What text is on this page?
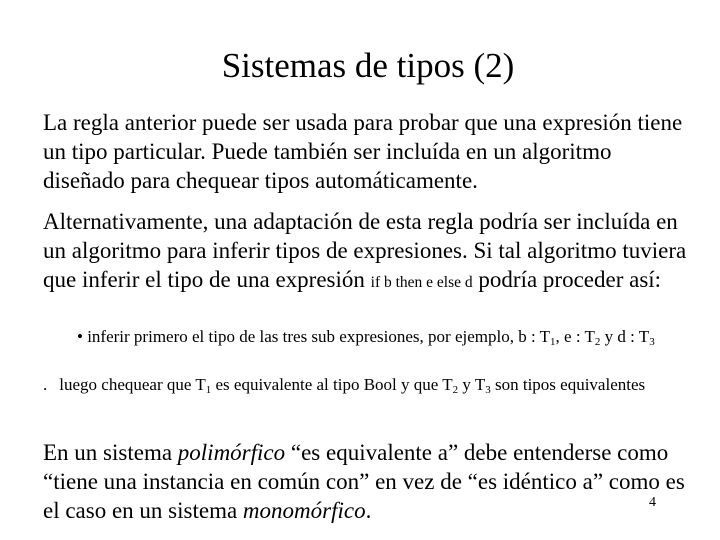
Sistemas de tipos (2)
La regla anterior puede ser usada para probar que una expresión tiene un tipo particular. Puede también ser incluída en un algoritmo diseñado para chequear tipos automáticamente.
Alternativamente, una adaptación de esta regla podría ser incluída en un algoritmo para inferir tipos de expresiones. Si tal algoritmo tuviera que inferir el tipo de una expresión if b then e else d podría proceder así:
• inferir primero el tipo de las tres sub expresiones, por ejemplo, b : $T_1$, e : $T_2$ y d : $T_3$
. luego chequear que $T_1$ es equivalente al tipo Bool y que $T_2$ y $T_3$ son tipos equivalentes
En un sistema polimórfico “es equivalente a” debe entenderse como “tiene una instancia en común con” en vez de “es idéntico a” como es el caso en un sistema monomórfico.	4
